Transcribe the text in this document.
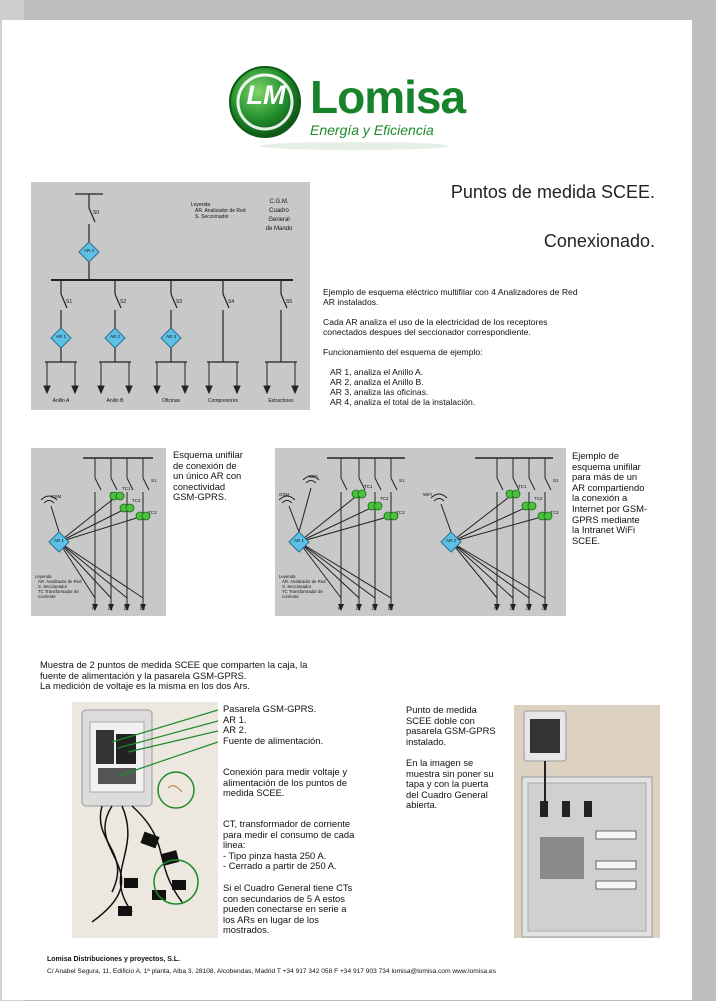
LM Lomisa
Energía y Eficiencia
S0
AR 4
Leyenda
AR. Analizador de Red
S. Seccionador
C.G.M.
Cuadro
General
de Mando
S1	S2	S3	S4	S5
AR 1	AR 2	AR 3
Anillo A	Anillo B	Oficinas	Compresores	Extractores
Puntos de medida SCEE.
Conexionado.
Ejemplo de esquema eléctrico multifilar con 4 Analizadores de Red AR instalados.
Cada AR analiza el uso de la electricidad de los receptores conectados despues del seccionador correspondiente.
Funcionamiento del esquema de ejemplo:
AR 1, analiza el Anillo A.
AR 2, analiza el Anillo B.
AR 3, analiza las oficinas.
AR 4, analiza el total de la instalación.
GSM
AR 1
S1
TC1
TC2
TC3
Leyenda
AR. Analizador de Red
S. Seccionador
TC Transformador de Corriente
N	L1 L2 L3
Esquema unifilar de conexión de un único AR con conectividad GSM-GPRS.	GSM
WiFi
WiFi
AR 1	AR 2
S1	S1
TC1
TC2
TC3
TC1
TC2
TC3
Leyenda
AR. Analizador de Red
S. Seccionador
TC Transformador de corriente
N	L1 L2 L3	N	L1 L2 L3
Ejemplo de esquema unifilar para más de un AR compartiendo la conexión a Internet por GSM-GPRS mediante la Intranet WiFi SCEE.
Muestra de 2 puntos de medida SCEE que comparten la caja, la
fuente de alimentación y la pasarela GSM-GPRS.
La medición de voltaje es la misma en los dos Ars.
Pasarela GSM-GPRS.
AR 1.
AR 2.
Fuente de alimentación.
Conexión para medir voltaje y alimentación de los puntos de medida SCEE.
CT, transformador de corriente
para medir el consumo de cada
linea:
- Tipo pinza hasta 250 A.
- Cerrado a partir de 250 A.
Si el Cuadro General tiene CTs con secundarios de 5 A estos pueden conectarse en serie a los ARs en lugar de los mostrados.
Punto de medida SCEE doble con pasarela GSM-GPRS instalado.
En la imagen se muestra sin poner su tapa y con la puerta del Cuadro General abierta.
Lomisa Distribuciones y proyectos, S.L.
C/ Anabel Segura, 11, Edificio A, 1ª planta, Alba 3, 28108, Alcobendas, Madrid T +34 917 342 058 F +34 917 903 734 lomisa@lomisa.com www.lomisa.es
